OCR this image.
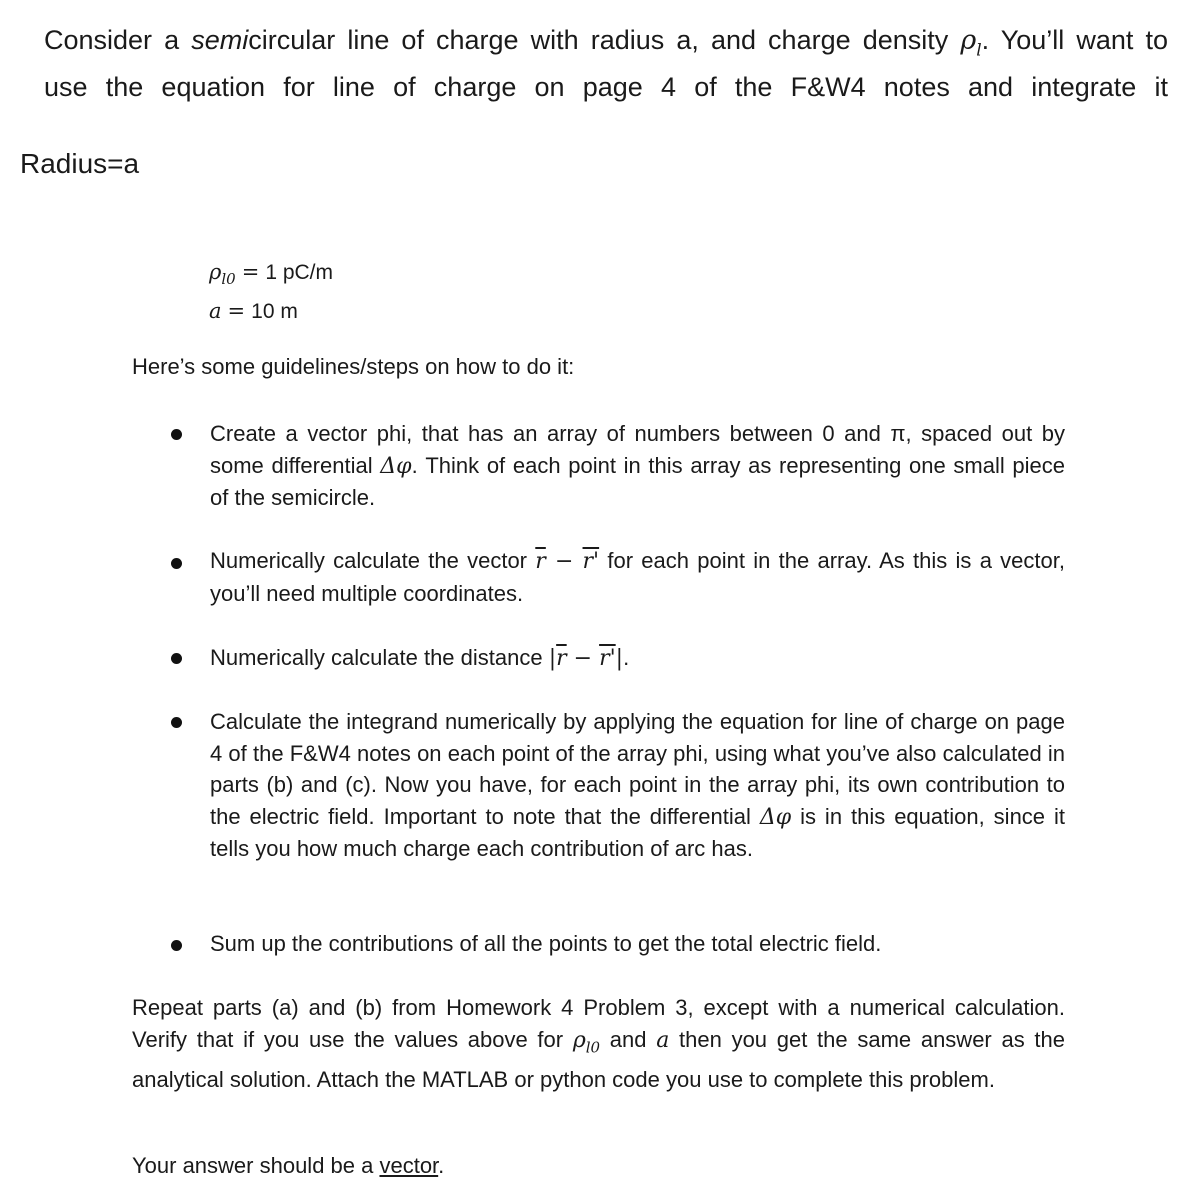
Consider a semicircular line of charge with radius a, and charge density $\rho_l$. You’ll want to
use the equation for line of charge on page 4 of the F&W4 notes and integrate it
Radius=a
$\rho_{l0} = 1$ pC/m
a = 10 m
Here’s some guidelines/steps on how to do it:
Create a vector phi, that has an array of numbers between 0 and π, spaced out by some differential Δφ. Think of each point in this array as representing one small piece of the semicircle.
Numerically calculate the vector $\overline{r} - r'$ for each point in the array. As this is a vector, you’ll need multiple coordinates.
Numerically calculate the distance $|\overline{r} - r'|$.
Calculate the integrand numerically by applying the equation for line of charge on page 4 of the F&W4 notes on each point of the array phi, using what you’ve also calculated in parts (b) and (c). Now you have, for each point in the array phi, its own contribution to the electric field. Important to note that the differential Δφ is in this equation, since it tells you how much charge each contribution of arc has.
Sum up the contributions of all the points to get the total electric field.
Repeat parts (a) and (b) from Homework 4 Problem 3, except with a numerical calculation. Verify that if you use the values above for $\rho_{l0}$ and a then you get the same answer as the analytical solution. Attach the MATLAB or python code you use to complete this problem.
Your answer should be a vector.
